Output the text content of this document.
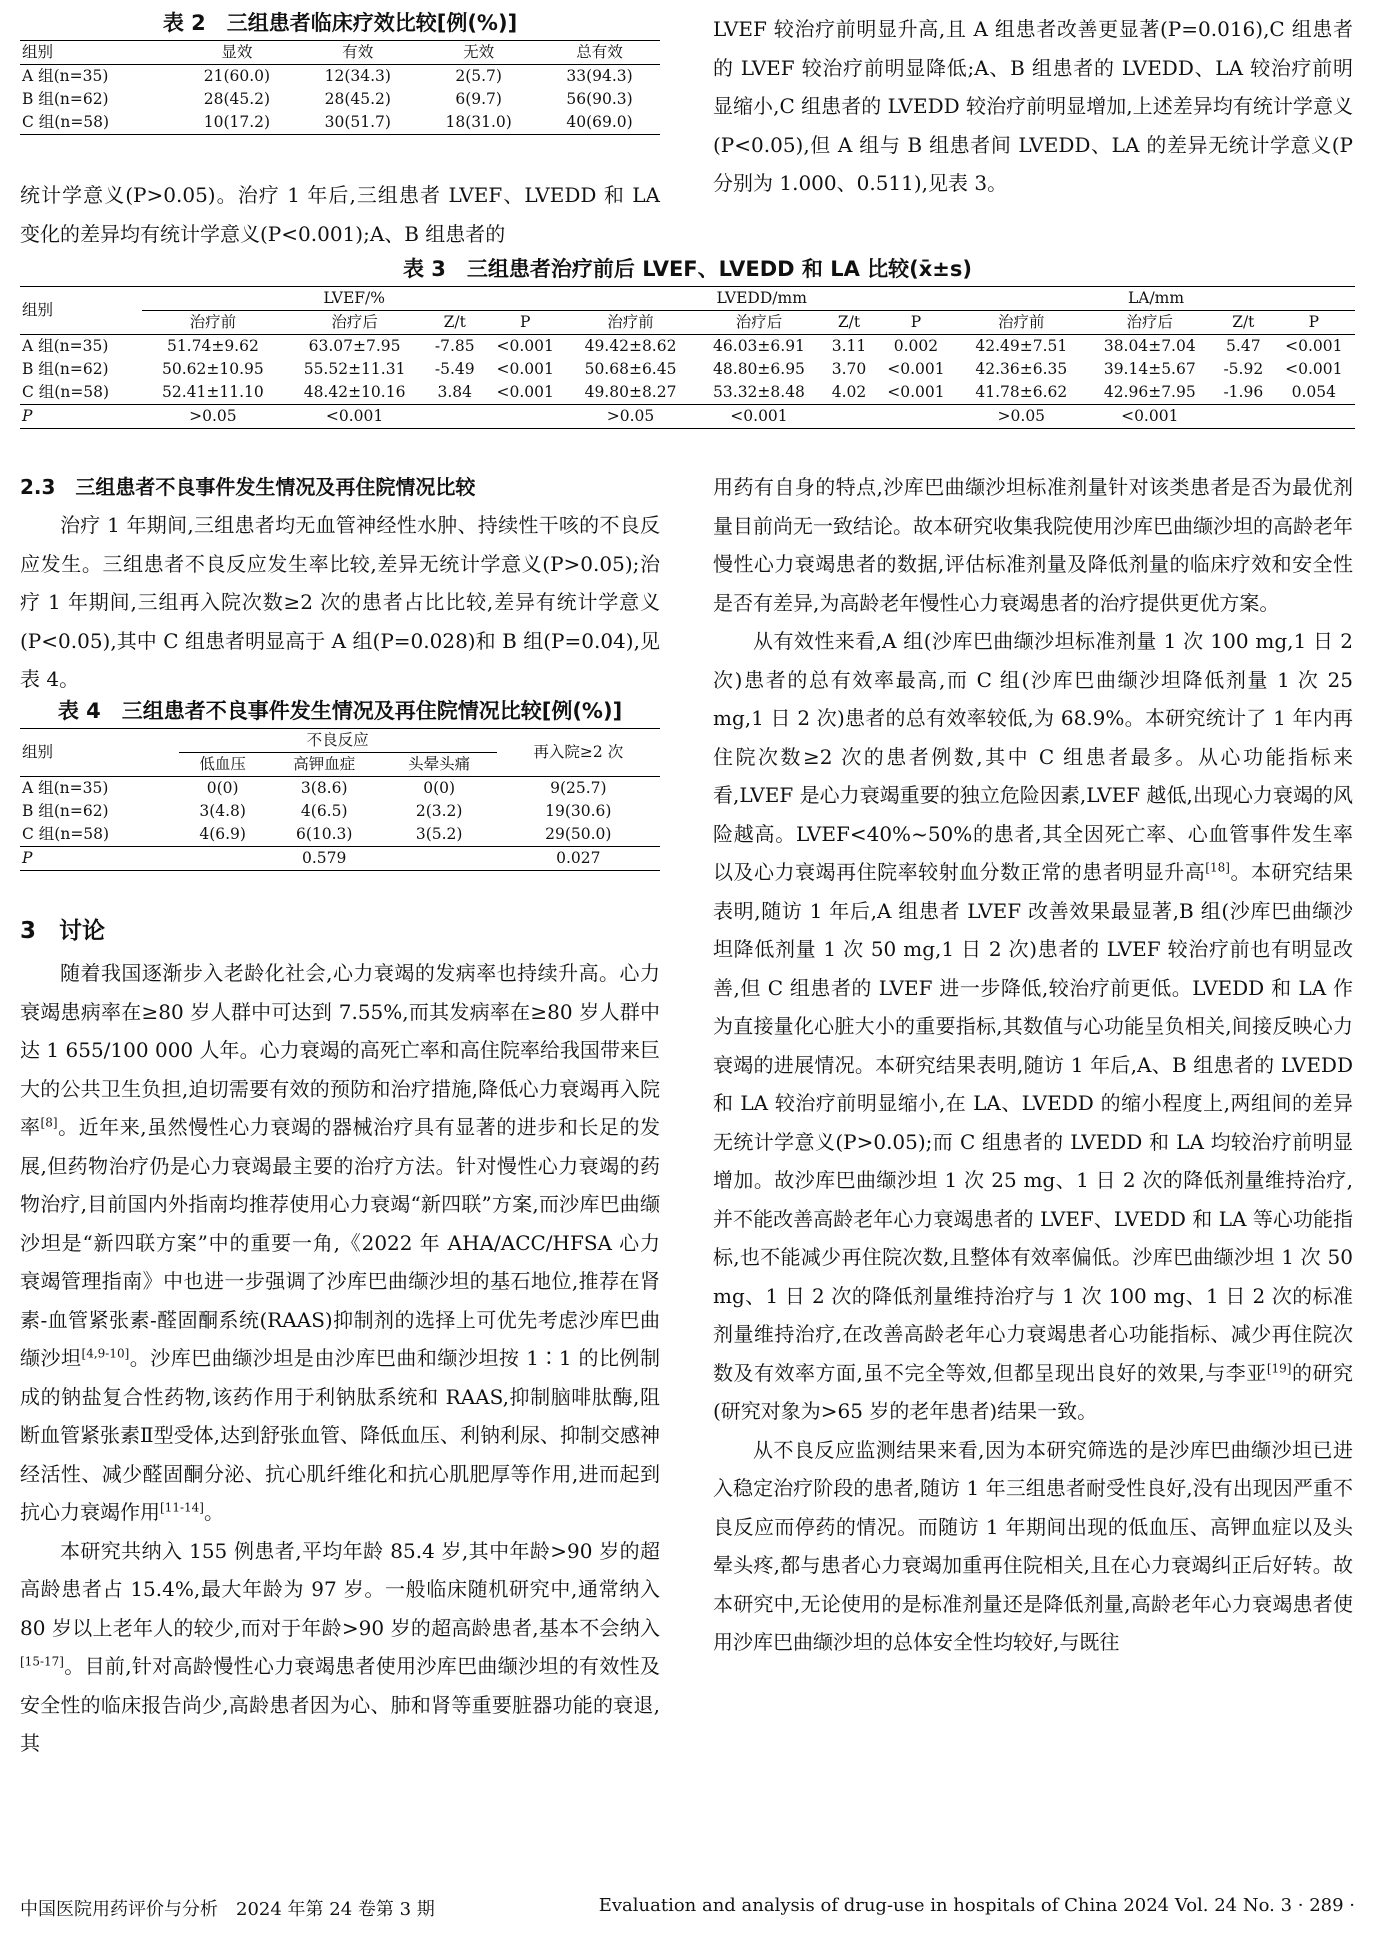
表 2　三组患者临床疗效比较[例(%)]
组别	显效	有效	无效	总有效
A 组(n=35)	21(60.0)	12(34.3)	2(5.7)	33(94.3)
B 组(n=62)	28(45.2)	28(45.2)	6(9.7)	56(90.3)
C 组(n=58)	10(17.2)	30(51.7)	18(31.0)	40(69.0)

统计学意义(P>0.05)。治疗 1 年后,三组患者 LVEF、LVEDD 和 LA 变化的差异均有统计学意义(P<0.001);A、B 组患者的

LVEF 较治疗前明显升高,且 A 组患者改善更显著(P=0.016),C 组患者的 LVEF 较治疗前明显降低;A、B 组患者的 LVEDD、LA 较治疗前明显缩小,C 组患者的 LVEDD 较治疗前明显增加,上述差异均有统计学意义(P<0.05),但 A 组与 B 组患者间 LVEDD、LA 的差异无统计学意义(P 分别为 1.000、0.511),见表 3。

表 3　三组患者治疗前后 LVEF、LVEDD 和 LA 比较(x̄±s)
组别	LVEF/%				LVEDD/mm				LA/mm			
	治疗前	治疗后	Z/t	P	治疗前	治疗后	Z/t	P	治疗前	治疗后	Z/t	P
A 组(n=35)	51.74±9.62	63.07±7.95	-7.85	<0.001	49.42±8.62	46.03±6.91	3.11	0.002	42.49±7.51	38.04±7.04	5.47	<0.001
B 组(n=62)	50.62±10.95	55.52±11.31	-5.49	<0.001	50.68±6.45	48.80±6.95	3.70	<0.001	42.36±6.35	39.14±5.67	-5.92	<0.001
C 组(n=58)	52.41±11.10	48.42±10.16	3.84	<0.001	49.80±8.27	53.32±8.48	4.02	<0.001	41.78±6.62	42.96±7.95	-1.96	0.054
P	>0.05	<0.001			>0.05	<0.001			>0.05	<0.001		
2.3　三组患者不良事件发生情况及再住院情况比较

治疗 1 年期间,三组患者均无血管神经性水肿、持续性干咳的不良反应发生。三组患者不良反应发生率比较,差异无统计学意义(P>0.05);治疗 1 年期间,三组再入院次数≥2 次的患者占比比较,差异有统计学意义(P<0.05),其中 C 组患者明显高于 A 组(P=0.028)和 B 组(P=0.04),见表 4。

表 4　三组患者不良事件发生情况及再住院情况比较[例(%)]
组别	不良反应			再入院≥2 次
	低血压	高钾血症	头晕头痛	
A 组(n=35)	0(0)	3(8.6)	0(0)	9(25.7)
B 组(n=62)	3(4.8)	4(6.5)	2(3.2)	19(30.6)
C 组(n=58)	4(6.9)	6(10.3)	3(5.2)	29(50.0)
P		0.579		0.027
3　讨论

随着我国逐渐步入老龄化社会,心力衰竭的发病率也持续升高。心力衰竭患病率在≥80 岁人群中可达到 7.55%,而其发病率在≥80 岁人群中达 1 655/100 000 人年。心力衰竭的高死亡率和高住院率给我国带来巨大的公共卫生负担,迫切需要有效的预防和治疗措施,降低心力衰竭再入院率[8]。近年来,虽然慢性心力衰竭的器械治疗具有显著的进步和长足的发展,但药物治疗仍是心力衰竭最主要的治疗方法。针对慢性心力衰竭的药物治疗,目前国内外指南均推荐使用心力衰竭“新四联”方案,而沙库巴曲缬沙坦是“新四联方案”中的重要一角,《2022 年 AHA/ACC/HFSA 心力衰竭管理指南》中也进一步强调了沙库巴曲缬沙坦的基石地位,推荐在肾素-血管紧张素-醛固酮系统(RAAS)抑制剂的选择上可优先考虑沙库巴曲缬沙坦[4,9-10]。沙库巴曲缬沙坦是由沙库巴曲和缬沙坦按 1∶1 的比例制成的钠盐复合性药物,该药作用于利钠肽系统和 RAAS,抑制脑啡肽酶,阻断血管紧张素Ⅱ型受体,达到舒张血管、降低血压、利钠利尿、抑制交感神经活性、减少醛固酮分泌、抗心肌纤维化和抗心肌肥厚等作用,进而起到抗心力衰竭作用[11-14]。

本研究共纳入 155 例患者,平均年龄 85.4 岁,其中年龄>90 岁的超高龄患者占 15.4%,最大年龄为 97 岁。一般临床随机研究中,通常纳入 80 岁以上老年人的较少,而对于年龄>90 岁的超高龄患者,基本不会纳入[15-17]。目前,针对高龄慢性心力衰竭患者使用沙库巴曲缬沙坦的有效性及安全性的临床报告尚少,高龄患者因为心、肺和肾等重要脏器功能的衰退,其

用药有自身的特点,沙库巴曲缬沙坦标准剂量针对该类患者是否为最优剂量目前尚无一致结论。故本研究收集我院使用沙库巴曲缬沙坦的高龄老年慢性心力衰竭患者的数据,评估标准剂量及降低剂量的临床疗效和安全性是否有差异,为高龄老年慢性心力衰竭患者的治疗提供更优方案。

从有效性来看,A 组(沙库巴曲缬沙坦标准剂量 1 次 100 mg,1 日 2 次)患者的总有效率最高,而 C 组(沙库巴曲缬沙坦降低剂量 1 次 25 mg,1 日 2 次)患者的总有效率较低,为 68.9%。本研究统计了 1 年内再住院次数≥2 次的患者例数,其中 C 组患者最多。从心功能指标来看,LVEF 是心力衰竭重要的独立危险因素,LVEF 越低,出现心力衰竭的风险越高。LVEF<40%~50%的患者,其全因死亡率、心血管事件发生率以及心力衰竭再住院率较射血分数正常的患者明显升高[18]。本研究结果表明,随访 1 年后,A 组患者 LVEF 改善效果最显著,B 组(沙库巴曲缬沙坦降低剂量 1 次 50 mg,1 日 2 次)患者的 LVEF 较治疗前也有明显改善,但 C 组患者的 LVEF 进一步降低,较治疗前更低。LVEDD 和 LA 作为直接量化心脏大小的重要指标,其数值与心功能呈负相关,间接反映心力衰竭的进展情况。本研究结果表明,随访 1 年后,A、B 组患者的 LVEDD 和 LA 较治疗前明显缩小,在 LA、LVEDD 的缩小程度上,两组间的差异无统计学意义(P>0.05);而 C 组患者的 LVEDD 和 LA 均较治疗前明显增加。故沙库巴曲缬沙坦 1 次 25 mg、1 日 2 次的降低剂量维持治疗,并不能改善高龄老年心力衰竭患者的 LVEF、LVEDD 和 LA 等心功能指标,也不能减少再住院次数,且整体有效率偏低。沙库巴曲缬沙坦 1 次 50 mg、1 日 2 次的降低剂量维持治疗与 1 次 100 mg、1 日 2 次的标准剂量维持治疗,在改善高龄老年心力衰竭患者心功能指标、减少再住院次数及有效率方面,虽不完全等效,但都呈现出良好的效果,与李亚[19]的研究(研究对象为>65 岁的老年患者)结果一致。

从不良反应监测结果来看,因为本研究筛选的是沙库巴曲缬沙坦已进入稳定治疗阶段的患者,随访 1 年三组患者耐受性良好,没有出现因严重不良反应而停药的情况。而随访 1 年期间出现的低血压、高钾血症以及头晕头疼,都与患者心力衰竭加重再住院相关,且在心力衰竭纠正后好转。故本研究中,无论使用的是标准剂量还是降低剂量,高龄老年心力衰竭患者使用沙库巴曲缬沙坦的总体安全性均较好,与既往

中国医院用药评价与分析　2024 年第 24 卷第 3 期	Evaluation and analysis of drug-use in hospitals of China 2024 Vol. 24 No. 3 · 289 ·
